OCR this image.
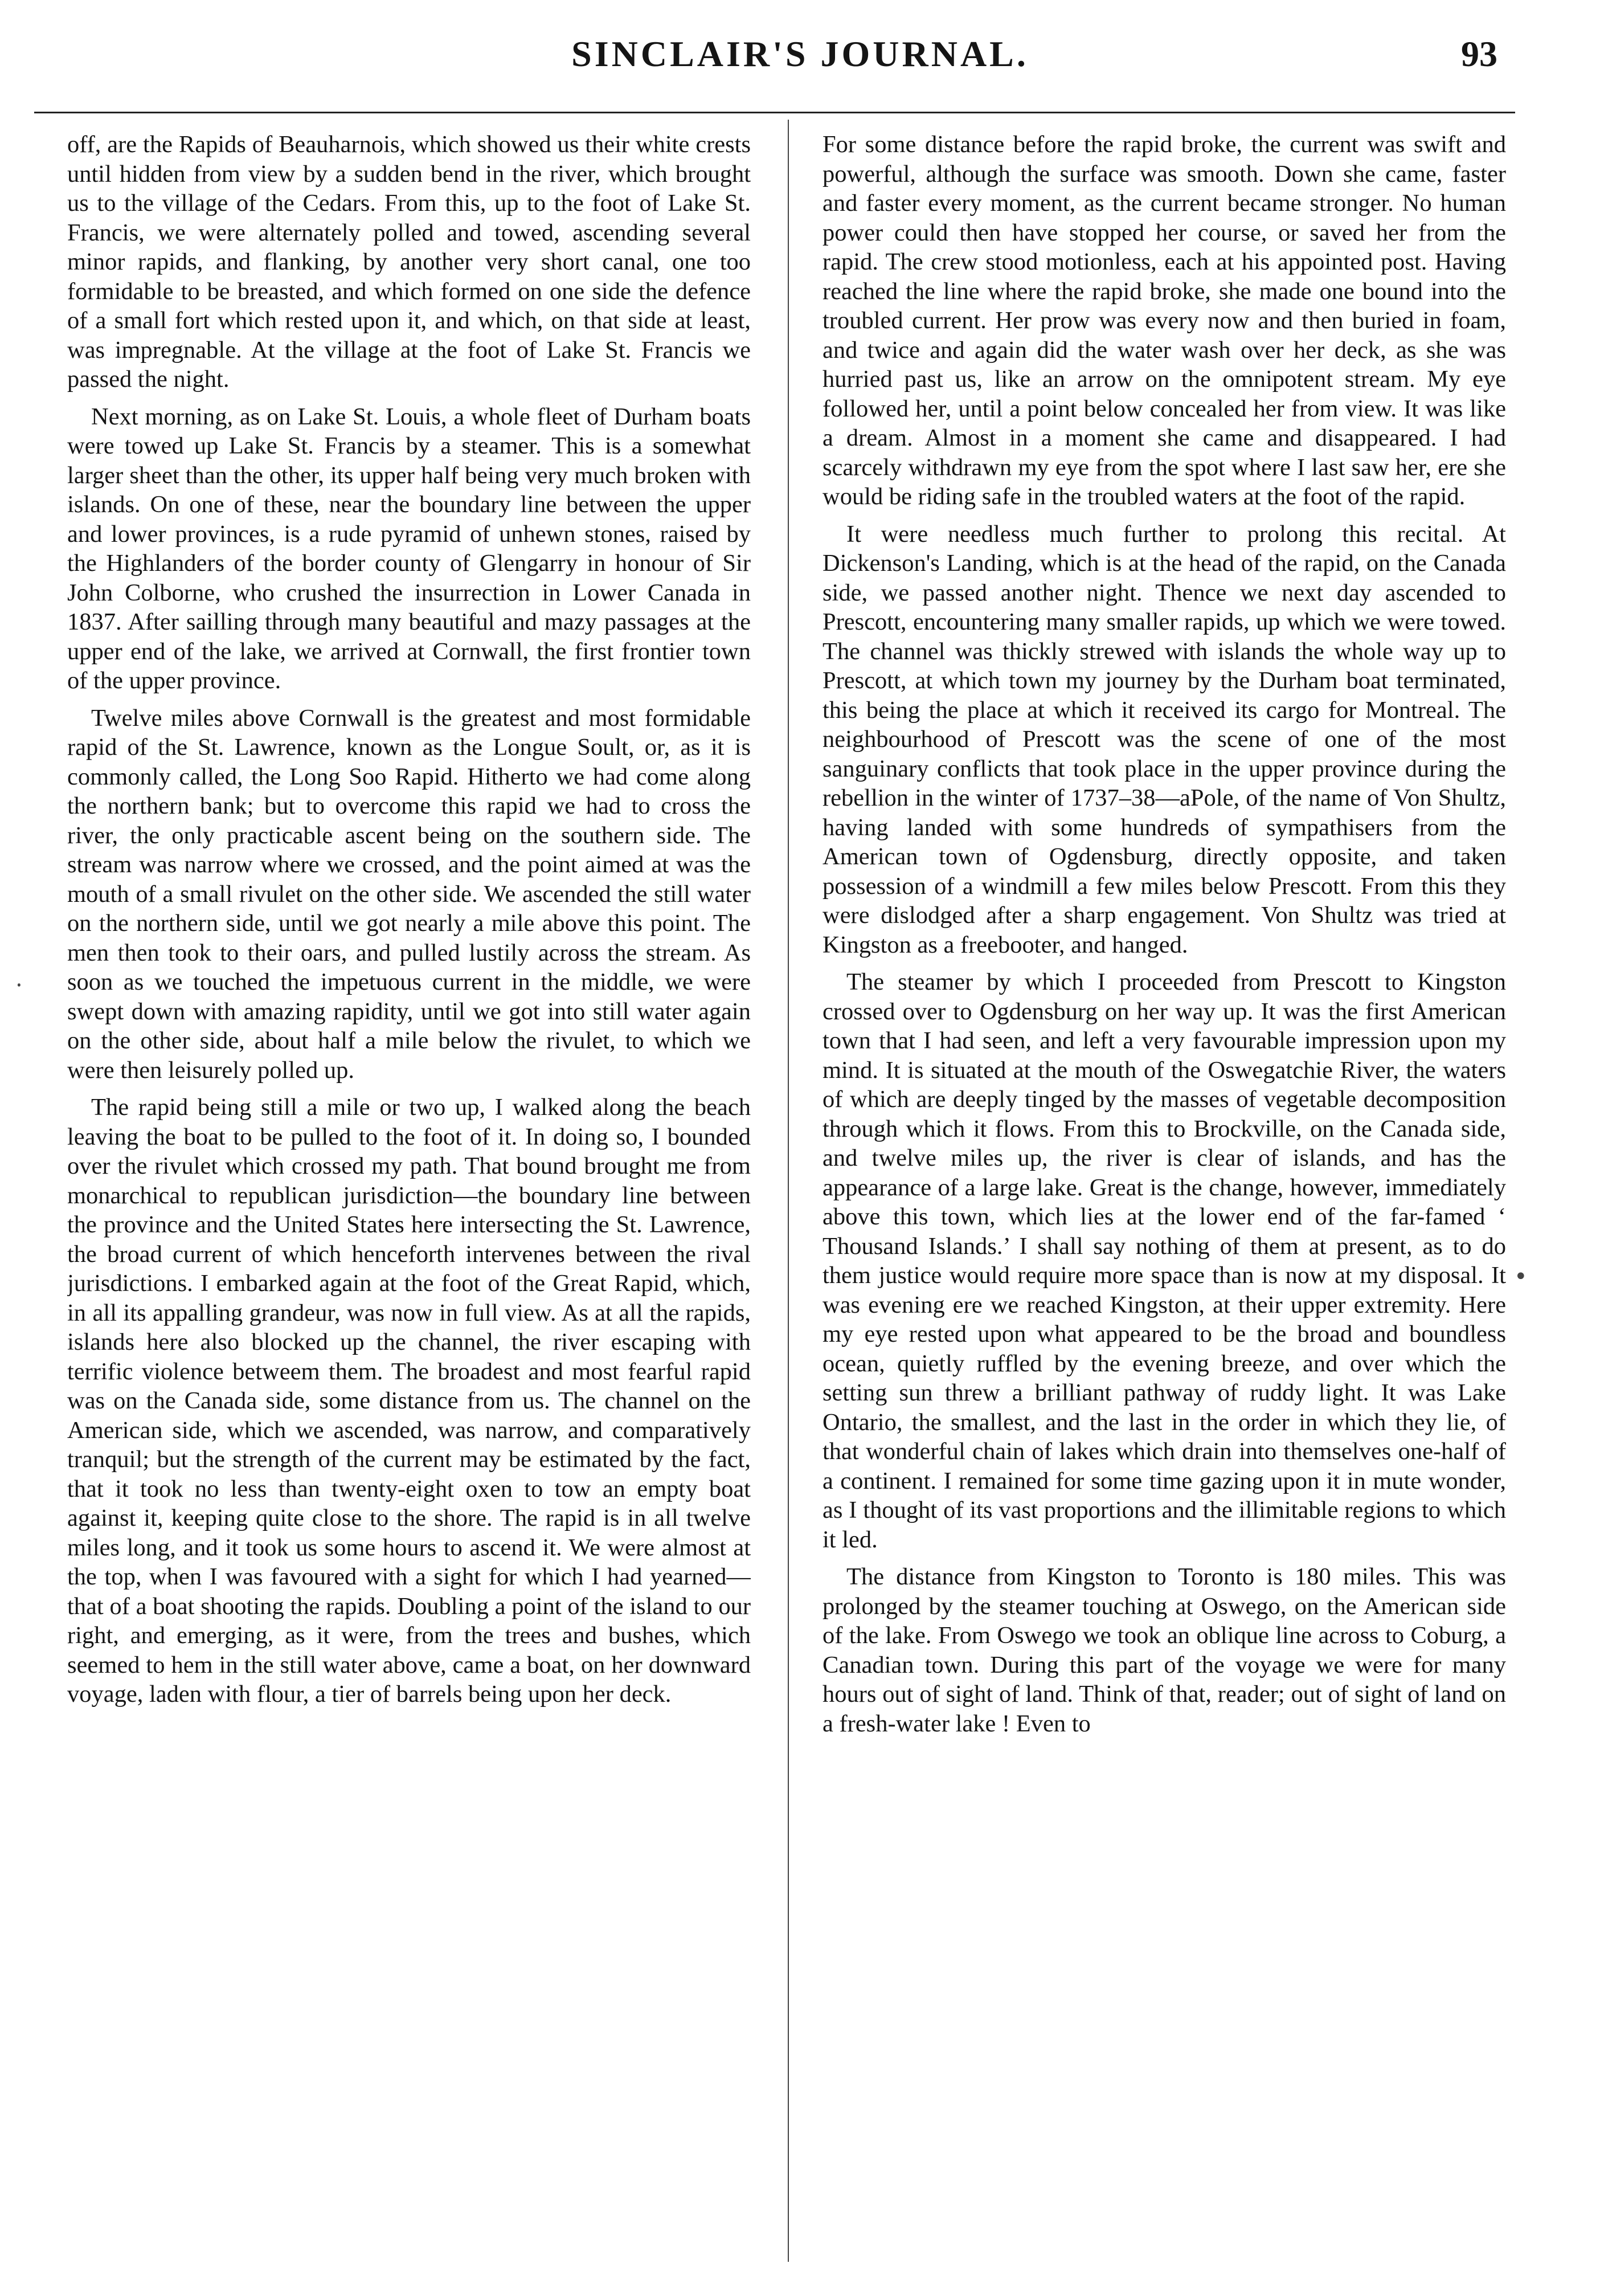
SINCLAIR'S JOURNAL.	93

off, are the Rapids of Beauharnois, which showed us their white crests until hidden from view by a sudden bend in the river, which brought us to the village of the Cedars. From this, up to the foot of Lake St. Francis, we were alternately polled and towed, ascending several minor rapids, and flanking, by another very short canal, one too formidable to be breasted, and which formed on one side the defence of a small fort which rested upon it, and which, on that side at least, was impregnable. At the village at the foot of Lake St. Francis we passed the night.

Next morning, as on Lake St. Louis, a whole fleet of Durham boats were towed up Lake St. Francis by a steamer. This is a somewhat larger sheet than the other, its upper half being very much broken with islands. On one of these, near the boundary line between the upper and lower provinces, is a rude pyramid of unhewn stones, raised by the Highlanders of the border county of Glengarry in honour of Sir John Colborne, who crushed the insurrection in Lower Canada in 1837. After sailling through many beautiful and mazy passages at the upper end of the lake, we arrived at Cornwall, the first frontier town of the upper province.

Twelve miles above Cornwall is the greatest and most formidable rapid of the St. Lawrence, known as the Longue Soult, or, as it is commonly called, the Long Soo Rapid. Hitherto we had come along the northern bank; but to overcome this rapid we had to cross the river, the only practicable ascent being on the southern side. The stream was narrow where we crossed, and the point aimed at was the mouth of a small rivulet on the other side. We ascended the still water on the northern side, until we got nearly a mile above this point. The men then took to their oars, and pulled lustily across the stream. As soon as we touched the impetuous current in the middle, we were swept down with amazing rapidity, until we got into still water again on the other side, about half a mile below the rivulet, to which we were then leisurely polled up.

The rapid being still a mile or two up, I walked along the beach leaving the boat to be pulled to the foot of it. In doing so, I bounded over the rivulet which crossed my path. That bound brought me from monarchical to republican jurisdiction—the boundary line between the province and the United States here intersecting the St. Lawrence, the broad current of which henceforth intervenes between the rival jurisdictions. I embarked again at the foot of the Great Rapid, which, in all its appalling grandeur, was now in full view. As at all the rapids, islands here also blocked up the channel, the river escaping with terrific violence betweem them. The broadest and most fearful rapid was on the Canada side, some distance from us. The channel on the American side, which we ascended, was narrow, and comparatively tranquil; but the strength of the current may be estimated by the fact, that it took no less than twenty-eight oxen to tow an empty boat against it, keeping quite close to the shore. The rapid is in all twelve miles long, and it took us some hours to ascend it. We were almost at the top, when I was favoured with a sight for which I had yearned—that of a boat shooting the rapids. Doubling a point of the island to our right, and emerging, as it were, from the trees and bushes, which seemed to hem in the still water above, came a boat, on her downward voyage, laden with flour, a tier of barrels being upon her deck.

For some distance before the rapid broke, the current was swift and powerful, although the surface was smooth. Down she came, faster and faster every moment, as the current became stronger. No human power could then have stopped her course, or saved her from the rapid. The crew stood motionless, each at his appointed post. Having reached the line where the rapid broke, she made one bound into the troubled current. Her prow was every now and then buried in foam, and twice and again did the water wash over her deck, as she was hurried past us, like an arrow on the omnipotent stream. My eye followed her, until a point below concealed her from view. It was like a dream. Almost in a moment she came and disappeared. I had scarcely withdrawn my eye from the spot where I last saw her, ere she would be riding safe in the troubled waters at the foot of the rapid.

It were needless much further to prolong this recital. At Dickenson's Landing, which is at the head of the rapid, on the Canada side, we passed another night. Thence we next day ascended to Prescott, encountering many smaller rapids, up which we were towed. The channel was thickly strewed with islands the whole way up to Prescott, at which town my journey by the Durham boat terminated, this being the place at which it received its cargo for Montreal. The neighbourhood of Prescott was the scene of one of the most sanguinary conflicts that took place in the upper province during the rebellion in the winter of 1737–38—aPole, of the name of Von Shultz, having landed with some hundreds of sympathisers from the American town of Ogdensburg, directly opposite, and taken possession of a windmill a few miles below Prescott. From this they were dislodged after a sharp engagement. Von Shultz was tried at Kingston as a freebooter, and hanged.

The steamer by which I proceeded from Prescott to Kingston crossed over to Ogdensburg on her way up. It was the first American town that I had seen, and left a very favourable impression upon my mind. It is situated at the mouth of the Oswegatchie River, the waters of which are deeply tinged by the masses of vegetable decomposition through which it flows. From this to Brockville, on the Canada side, and twelve miles up, the river is clear of islands, and has the appearance of a large lake. Great is the change, however, immediately above this town, which lies at the lower end of the far-famed ‘ Thousand Islands.’ I shall say nothing of them at present, as to do them justice would require more space than is now at my disposal. It was evening ere we reached Kingston, at their upper extremity. Here my eye rested upon what appeared to be the broad and boundless ocean, quietly ruffled by the evening breeze, and over which the setting sun threw a brilliant pathway of ruddy light. It was Lake Ontario, the smallest, and the last in the order in which they lie, of that wonderful chain of lakes which drain into themselves one-half of a continent. I remained for some time gazing upon it in mute wonder, as I thought of its vast proportions and the illimitable regions to which it led.

The distance from Kingston to Toronto is 180 miles. This was prolonged by the steamer touching at Oswego, on the American side of the lake. From Oswego we took an oblique line across to Coburg, a Canadian town. During this part of the voyage we were for many hours out of sight of land. Think of that, reader; out of sight of land on a fresh-water lake ! Even to

⸱
•
